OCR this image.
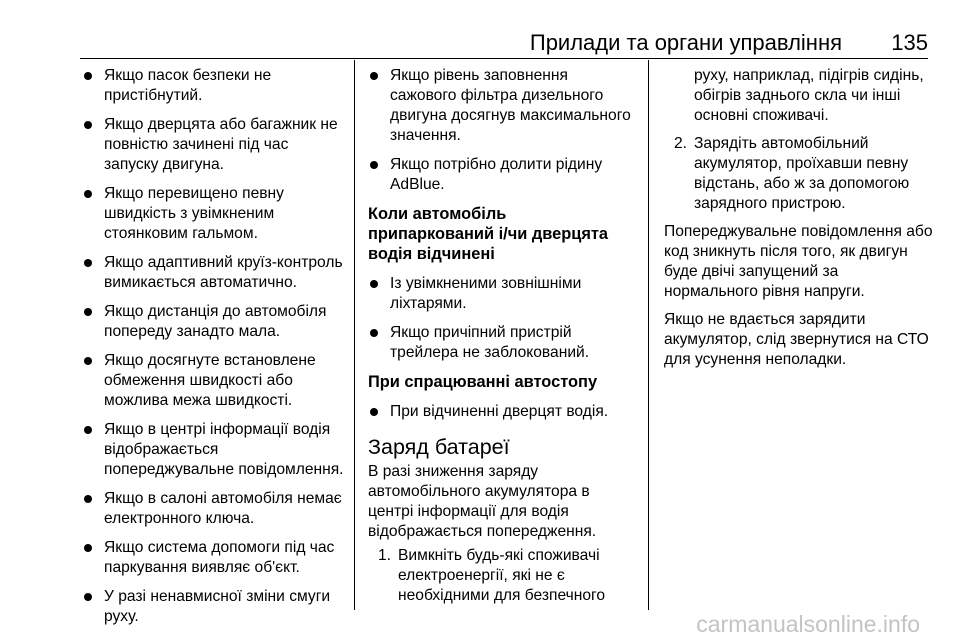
Прилади та органи управління 135
Якщо пасок безпеки не пристібнутий.
Якщо дверцята або багажник не повністю зачинені під час запуску двигуна.
Якщо перевищено певну швидкість з увімкненим стоянковим гальмом.
Якщо адаптивний круїз-контроль вимикається автоматично.
Якщо дистанція до автомобіля попереду занадто мала.
Якщо досягнуте встановлене обмеження швидкості або можлива межа швидкості.
Якщо в центрі інформації водія відображається попереджувальне повідомлення.
Якщо в салоні автомобіля немає електронного ключа.
Якщо система допомоги під час паркування виявляє об'єкт.
У разі ненавмисної зміни смуги руху.
Якщо рівень заповнення сажового фільтра дизельного двигуна досягнув максимального значення.
Якщо потрібно долити рідину AdBlue.
Коли автомобіль припаркований і/чи дверцята водія відчинені
Із увімкненими зовнішніми ліхтарями.
Якщо причіпний пристрій трейлера не заблокований.
При спрацюванні автостопу
При відчиненні дверцят водія.
Заряд батареї
В разі зниження заряду автомобільного акумулятора в центрі інформації для водія відображається попередження.
1. Вимкніть будь-які споживачі електроенергії, які не є необхідними для безпечного
руху, наприклад, підігрів сидінь, обігрів заднього скла чи інші основні споживачі.
2. Зарядіть автомобільний акумулятор, проїхавши певну відстань, або ж за допомогою зарядного пристрою.
Попереджувальне повідомлення або код зникнуть після того, як двигун буде двічі запущений за нормального рівня напруги.
Якщо не вдається зарядити акумулятор, слід звернутися на СТО для усунення неполадки.
carmanualsonline.info
